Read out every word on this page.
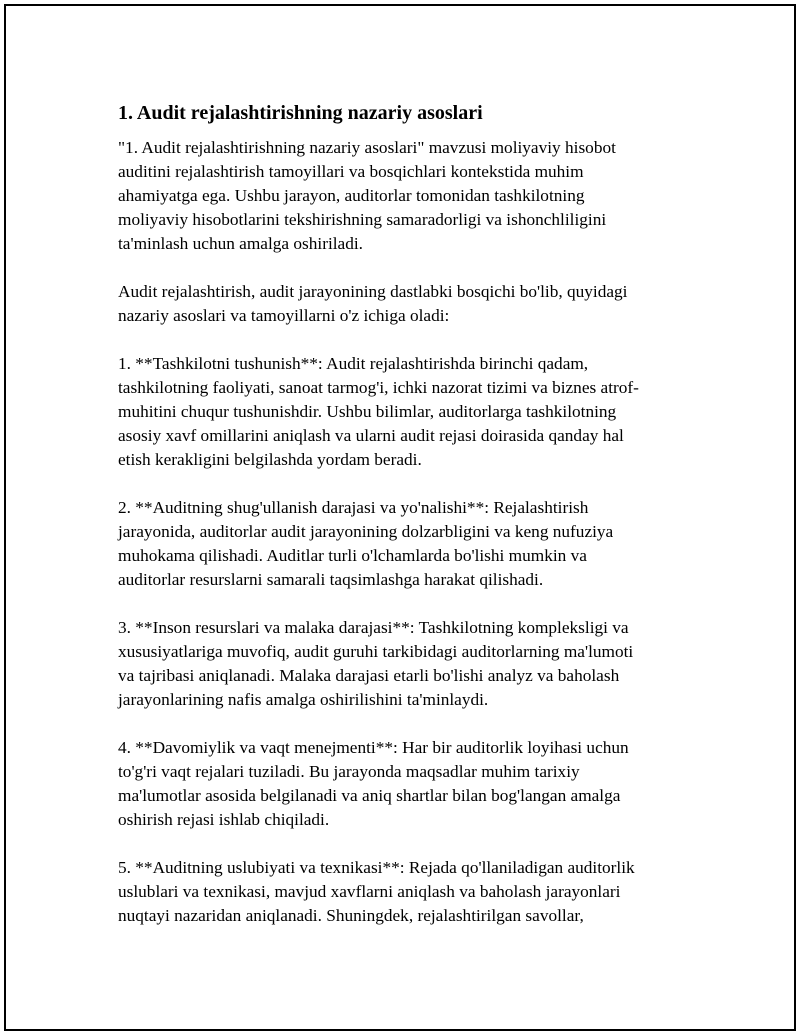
1. Audit rejalashtirishning nazariy asoslari

"1. Audit rejalashtirishning nazariy asoslari" mavzusi moliyaviy hisobot
auditini rejalashtirish tamoyillari va bosqichlari kontekstida muhim
ahamiyatga ega. Ushbu jarayon, auditorlar tomonidan tashkilotning
moliyaviy hisobotlarini tekshirishning samaradorligi va ishonchliligini
ta'minlash uchun amalga oshiriladi.

Audit rejalashtirish, audit jarayonining dastlabki bosqichi bo'lib, quyidagi
nazariy asoslari va tamoyillarni o'z ichiga oladi:

1. **Tashkilotni tushunish**: Audit rejalashtirishda birinchi qadam,
tashkilotning faoliyati, sanoat tarmog'i, ichki nazorat tizimi va biznes atrof-
muhitini chuqur tushunishdir. Ushbu bilimlar, auditorlarga tashkilotning
asosiy xavf omillarini aniqlash va ularni audit rejasi doirasida qanday hal
etish kerakligini belgilashda yordam beradi.

2. **Auditning shug'ullanish darajasi va yo'nalishi**: Rejalashtirish
jarayonida, auditorlar audit jarayonining dolzarbligini va keng nufuziya
muhokama qilishadi. Auditlar turli o'lchamlarda bo'lishi mumkin va
auditorlar resurslarni samarali taqsimlashga harakat qilishadi.

3. **Inson resurslari va malaka darajasi**: Tashkilotning kompleksligi va
xususiyatlariga muvofiq, audit guruhi tarkibidagi auditorlarning ma'lumoti
va tajribasi aniqlanadi. Malaka darajasi etarli bo'lishi analyz va baholash
jarayonlarining nafis amalga oshirilishini ta'minlaydi.

4. **Davomiylik va vaqt menejmenti**: Har bir auditorlik loyihasi uchun
to'g'ri vaqt rejalari tuziladi. Bu jarayonda maqsadlar muhim tarixiy
ma'lumotlar asosida belgilanadi va aniq shartlar bilan bog'langan amalga
oshirish rejasi ishlab chiqiladi.

5. **Auditning uslubiyati va texnikasi**: Rejada qo'llaniladigan auditorlik
uslublari va texnikasi, mavjud xavflarni aniqlash va baholash jarayonlari
nuqtayi nazaridan aniqlanadi. Shuningdek, rejalashtirilgan savollar,
